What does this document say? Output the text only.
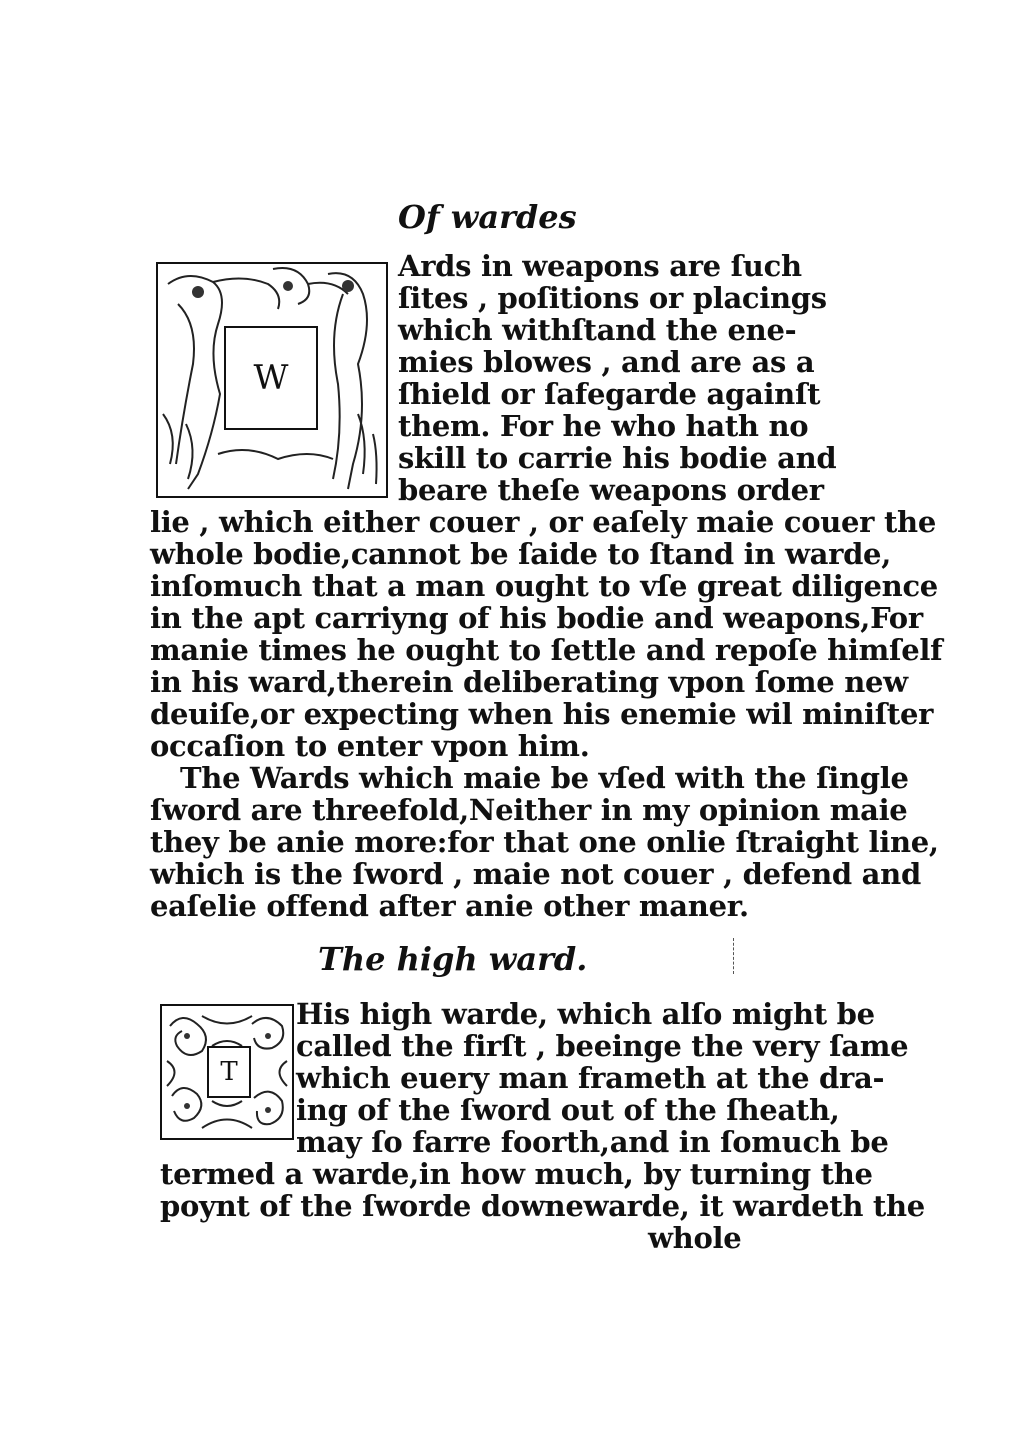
Of wardes
W
Ards in weapons are ſuch
ſites , poſitions or placings
which withſtand the ene-
mies blowes , and are as a
ſhield or ſafegarde againſt
them. For he who hath no
skill to carrie his bodie and
beare theſe weapons order
lie , which either couer , or eaſely maie couer the
whole bodie,cannot be ſaide to ſtand in warde,
inſomuch that a man ought to vſe great diligence
in the apt carriyng of his bodie and weapons,For
manie times he ought to ſettle and repoſe himſelf
in his ward,therein deliberating vpon ſome new
deuiſe,or expecting when his enemie wil miniſter
occaſion to enter vpon him.
The Wards which maie be vſed with the ſingle
ſword are threefold,Neither in my opinion maie
they be anie more:for that one onlie ſtraight line,
which is the ſword , maie not couer , defend and
eaſelie offend after anie other maner.
The high ward.
T
His high warde, which alſo might be
called the firſt , beeinge the very ſame
which euery man frameth at the dra-
ing of the ſword out of the ſheath,
may ſo farre foorth,and in ſomuch be
termed a warde,in how much, by turning the
poynt of the ſworde downewarde, it wardeth the
whole
